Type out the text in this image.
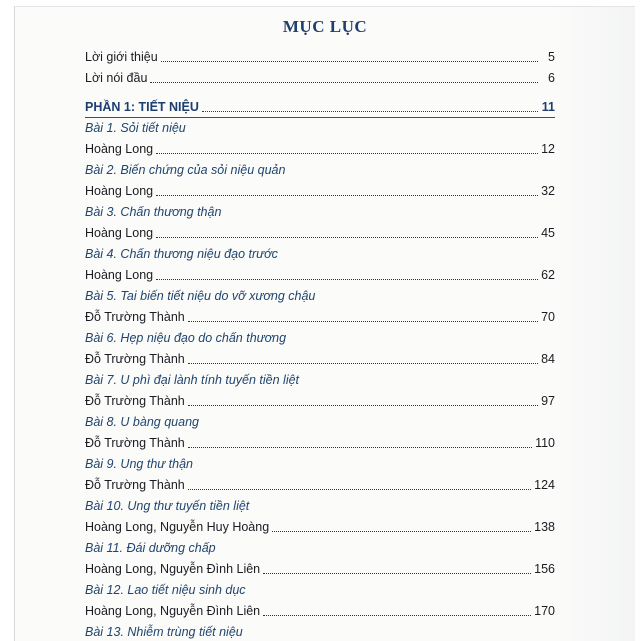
MỤC LỤC
Lời giới thiệu	5
Lời nói đầu	6
PHẦN 1: TIẾT NIỆU	11
Bài 1. Sỏi tiết niệu
Hoàng Long	12
Bài 2. Biến chứng của sỏi niệu quản
Hoàng Long	32
Bài 3. Chấn thương thận
Hoàng Long	45
Bài 4. Chấn thương niệu đạo trước
Hoàng Long	62
Bài 5. Tai biến tiết niệu do vỡ xương chậu
Đỗ Trường Thành	70
Bài 6. Hẹp niệu đạo do chấn thương
Đỗ Trường Thành	84
Bài 7. U phì đại lành tính tuyến tiền liệt
Đỗ Trường Thành	97
Bài 8. U bàng quang
Đỗ Trường Thành	110
Bài 9. Ung thư thận
Đỗ Trường Thành	124
Bài 10. Ung thư tuyến tiền liệt
Hoàng Long, Nguyễn Huy Hoàng	138
Bài 11. Đái dưỡng chấp
Hoàng Long, Nguyễn Đình Liên	156
Bài 12. Lao tiết niệu sinh dục
Hoàng Long, Nguyễn Đình Liên	170
Bài 13. Nhiễm trùng tiết niệu
